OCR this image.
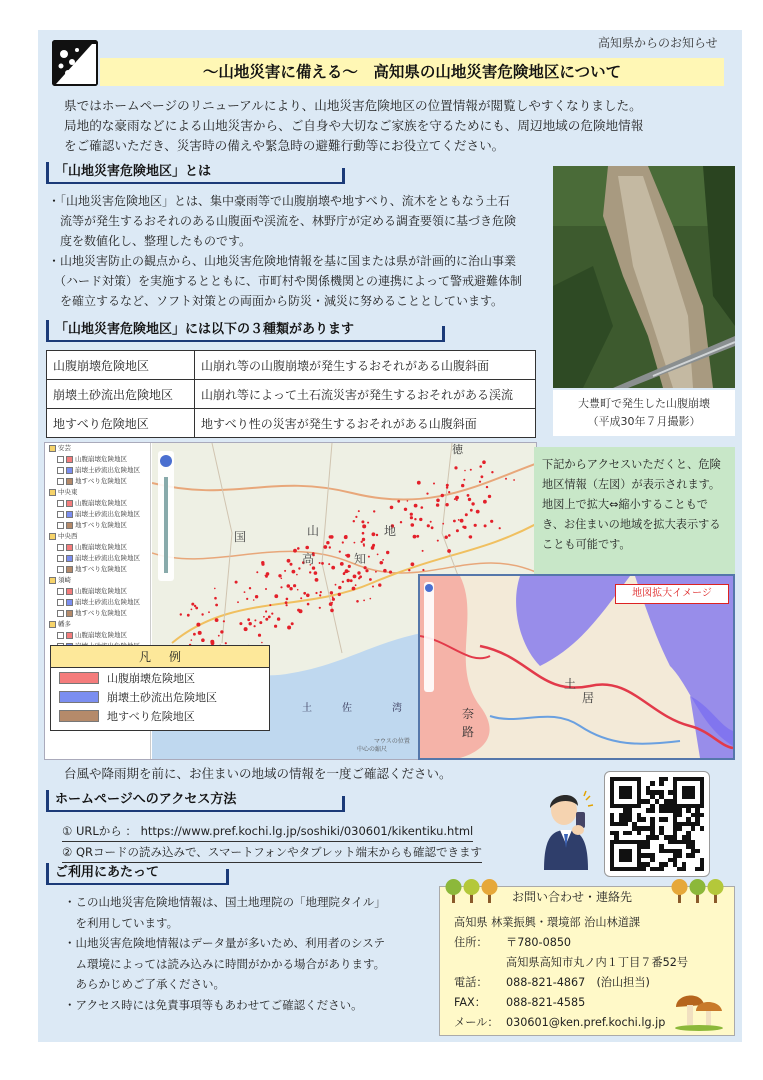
高知県からのお知らせ
～山地災害に備える～　高知県の山地災害危険地区について

県ではホームページのリニューアルにより、山地災害危険地区の位置情報が閲覧しやすくなりました。

局地的な豪雨などによる山地災害から、ご自身や大切なご家族を守るためにも、周辺地域の危険地情報

をご確認いただき、災害時の備えや緊急時の避難行動等にお役立てください。

「山地災害危険地区」とは

・「山地災害危険地区」とは、集中豪雨等で山腹崩壊や地すべり、流木をともなう土石

　流等が発生するおそれのある山腹面や渓流を、林野庁が定める調査要領に基づき危険

　度を数値化し、整理したものです。

・山地災害防止の観点から、山地災害危険地情報を基に国または県が計画的に治山事業

　（ハード対策）を実施するとともに、市町村や関係機関との連携によって警戒避難体制

　を確立するなど、ソフト対策との両面から防災・減災に努めることとしています。

大豊町で発生した山腹崩壊
（平成30年７月撮影）
「山地災害危険地区」には以下の３種類があります
山腹崩壊危険地区	山崩れ等の山腹崩壊が発生するおそれがある山腹斜面
崩壊土砂流出危険地区	山崩れ等によって土石流災害が発生するおそれがある渓流
地すべり危険地区	地すべり性の災害が発生するおそれがある山腹斜面
安芸
山腹崩壊危険地区
崩壊土砂流出危険地区
地すべり危険地区
中央東
山腹崩壊危険地区
崩壊土砂流出危険地区
地すべり危険地区
中央西
山腹崩壊危険地区
崩壊土砂流出危険地区
地すべり危険地区
須崎
山腹崩壊危険地区
崩壊土砂流出危険地区
地すべり危険地区
幡多
山腹崩壊危険地区
徳
国	山	地
高	知
土	佐	湾
マウスの位置
中心の縮尺
凡例
山腹崩壊危険地区
崩壊土砂流出危険地区
地すべり危険地区

下記からアクセスいただくと、危険

地区情報（左図）が表示されます。

地図上で拡大⇔縮小することもで

き、お住まいの地域を拡大表示する

ことも可能です。

土
居
奈
路
地図拡大イメージ
台風や降雨期を前に、お住まいの地域の情報を一度ご確認ください。
ホームページへのアクセス方法

① URLから ： https://www.pref.kochi.lg.jp/soshiki/030601/kikentiku.html

② QRコードの読み込みで、スマートフォンやタブレット端末からも確認できます

ご利用にあたって

・この山地災害危険地情報は、国土地理院の「地理院タイル」

　を利用しています。

・山地災害危険地情報はデータ量が多いため、利用者のシステ

　ム環境によっては読み込みに時間がかかる場合があります。

　あらかじめご了承ください。

・アクセス時には免責事項等もあわせてご確認ください。

お問い合わせ・連絡先
高知県 林業振興・環境部 治山林道課
住所：	〒780-0850
高知県高知市丸ノ内１丁目７番52号
電話：	088-821-4867　(治山担当)
FAX：	088-821-4585
メール： 030601@ken.pref.kochi.lg.jp
